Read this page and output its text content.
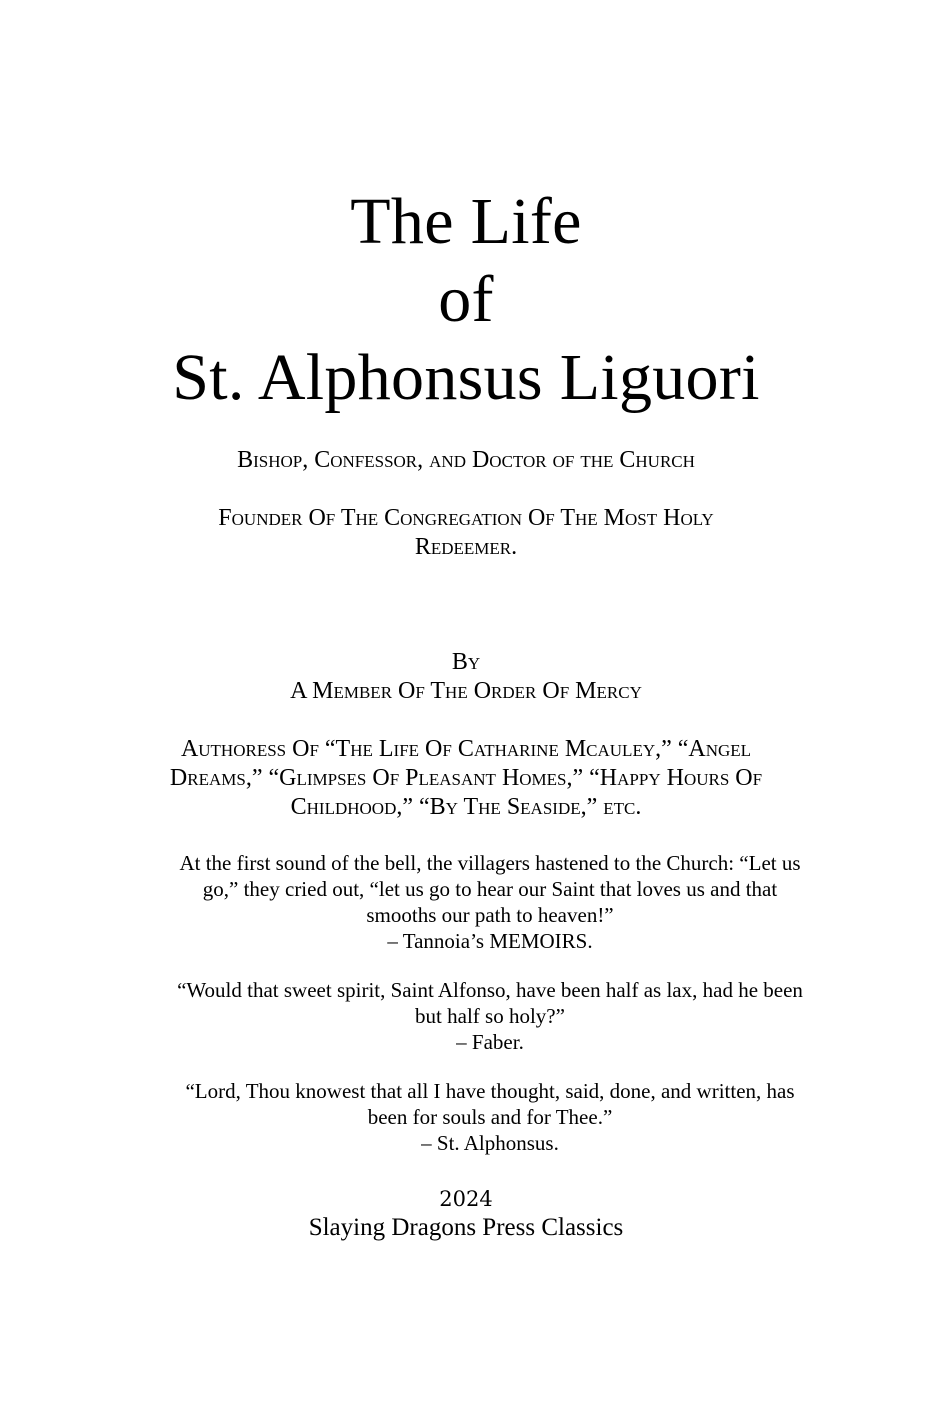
The Life
of
St. Alphonsus Liguori
Bishop, Confessor, and Doctor of the Church
Founder Of The Congregation Of The Most Holy
Redeemer.
By
A Member Of The Order Of Mercy
Authoress Of “The Life Of Catharine Mcauley,” “Angel
Dreams,” “Glimpses Of Pleasant Homes,” “Happy Hours Of
Childhood,” “By The Seaside,” etc.
At the first sound of the bell, the villagers hastened to the Church: “Let us
go,” they cried out, “let us go to hear our Saint that loves us and that
smooths our path to heaven!”
– Tannoia’s MEMOIRS.
“Would that sweet spirit, Saint Alfonso, have been half as lax, had he been
but half so holy?”
– Faber.
“Lord, Thou knowest that all I have thought, said, done, and written, has
been for souls and for Thee.”
– St. Alphonsus.
2024
Slaying Dragons Press Classics
